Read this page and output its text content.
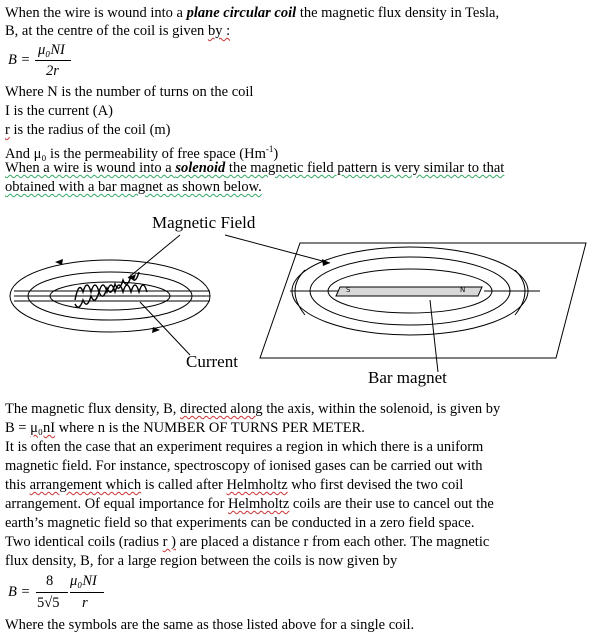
When the wire is wound into a plane circular coil the magnetic flux density in Tesla,
B, at the centre of the coil is given by :
B =
μ₀NI
2r
Where N is the number of turns on the coil
I is the current (A)
r is the radius of the coil (m)
And μ₀ is the permeability of free space $(Hm^{-1})$
When a wire is wound into a solenoid the magnetic field pattern is very similar to that
obtained with a bar magnet as shown below.
Magnetic Field
Current
Bar magnet
S	N
The magnetic flux density, B, directed along the axis, within the solenoid, is given by
B = μ₀nI where n is the NUMBER OF TURNS PER METER.
It is often the case that an experiment requires a region in which there is a uniform
magnetic field. For instance, spectroscopy of ionised gases can be carried out with
this arrangement which is called after Helmholtz who first devised the two coil
arrangement. Of equal importance for Helmholtz coils are their use to cancel out the
earth’s magnetic field so that experiments can be conducted in a zero field space.
Two identical coils (radius r ) are placed a distance r from each other. The magnetic
flux density, B, for a large region between the coils is now given by
B =
8 μ₀NI
5√5 r
Where the symbols are the same as those listed above for a single coil.
